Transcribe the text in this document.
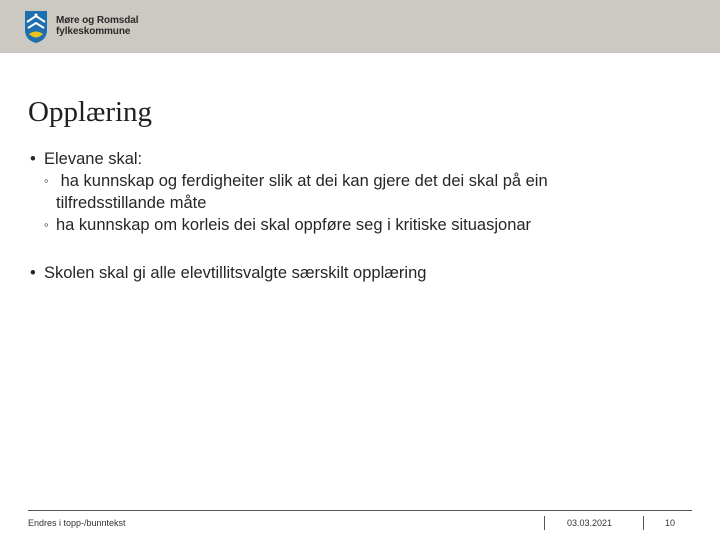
Møre og Romsdal
fylkeskommune
Opplæring
• Elevane skal:
◦ ha kunnskap og ferdigheiter slik at dei kan gjere det dei skal på ein
tilfredsstillande måte
◦ ha kunnskap om korleis dei skal oppføre seg i kritiske situasjonar
• Skolen skal gi alle elevtillitsvalgte særskilt opplæring
Endres i topp-/bunntekst	03.03.2021	10
